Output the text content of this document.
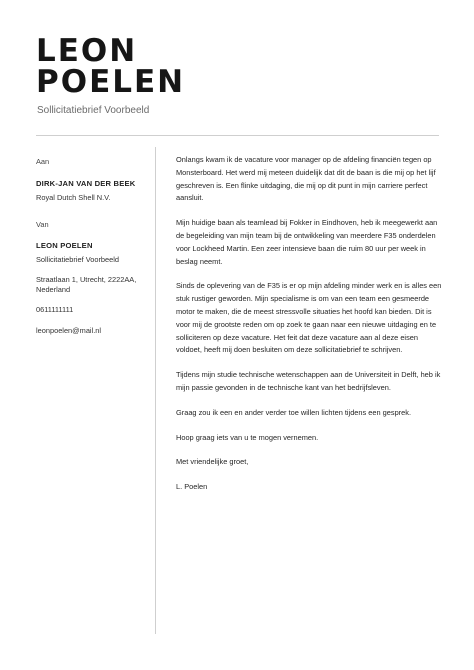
LEON
POELEN
Sollicitatiebrief Voorbeeld
Aan
DIRK-JAN VAN DER BEEK
Royal Dutch Shell N.V.
Van
LEON POELEN
Sollicitatiebrief Voorbeeld
Straatlaan 1, Utrecht, 2222AA,
Nederland
0611111111
leonpoelen@mail.nl

Onlangs kwam ik de vacature voor manager op de afdeling financiën tegen op Monsterboard. Het werd mij meteen duidelijk dat dit de baan is die mij op het lijf geschreven is. Een flinke uitdaging, die mij op dit punt in mijn carriere perfect aansluit.

Mijn huidige baan als teamlead bij Fokker in Eindhoven, heb ik meegewerkt aan de begeleiding van mijn team bij de ontwikkeling van meerdere F35 onderdelen voor Lockheed Martin. Een zeer intensieve baan die ruim 80 uur per week in beslag neemt.

Sinds de oplevering van de F35 is er op mijn afdeling minder werk en is alles een stuk rustiger geworden. Mijn specialisme is om van een team een gesmeerde motor te maken, die de meest stressvolle situaties het hoofd kan bieden. Dit is voor mij de grootste reden om op zoek te gaan naar een nieuwe uitdaging en te solliciteren op deze vacature. Het feit dat deze vacature aan al deze eisen voldoet, heeft mij doen besluiten om deze sollicitatiebrief te schrijven.

Tijdens mijn studie technische wetenschappen aan de Universiteit in Delft, heb ik mijn passie gevonden in de technische kant van het bedrijfsleven.

Graag zou ik een en ander verder toe willen lichten tijdens een gesprek.

Hoop graag iets van u te mogen vernemen.

Met vriendelijke groet,

L. Poelen
